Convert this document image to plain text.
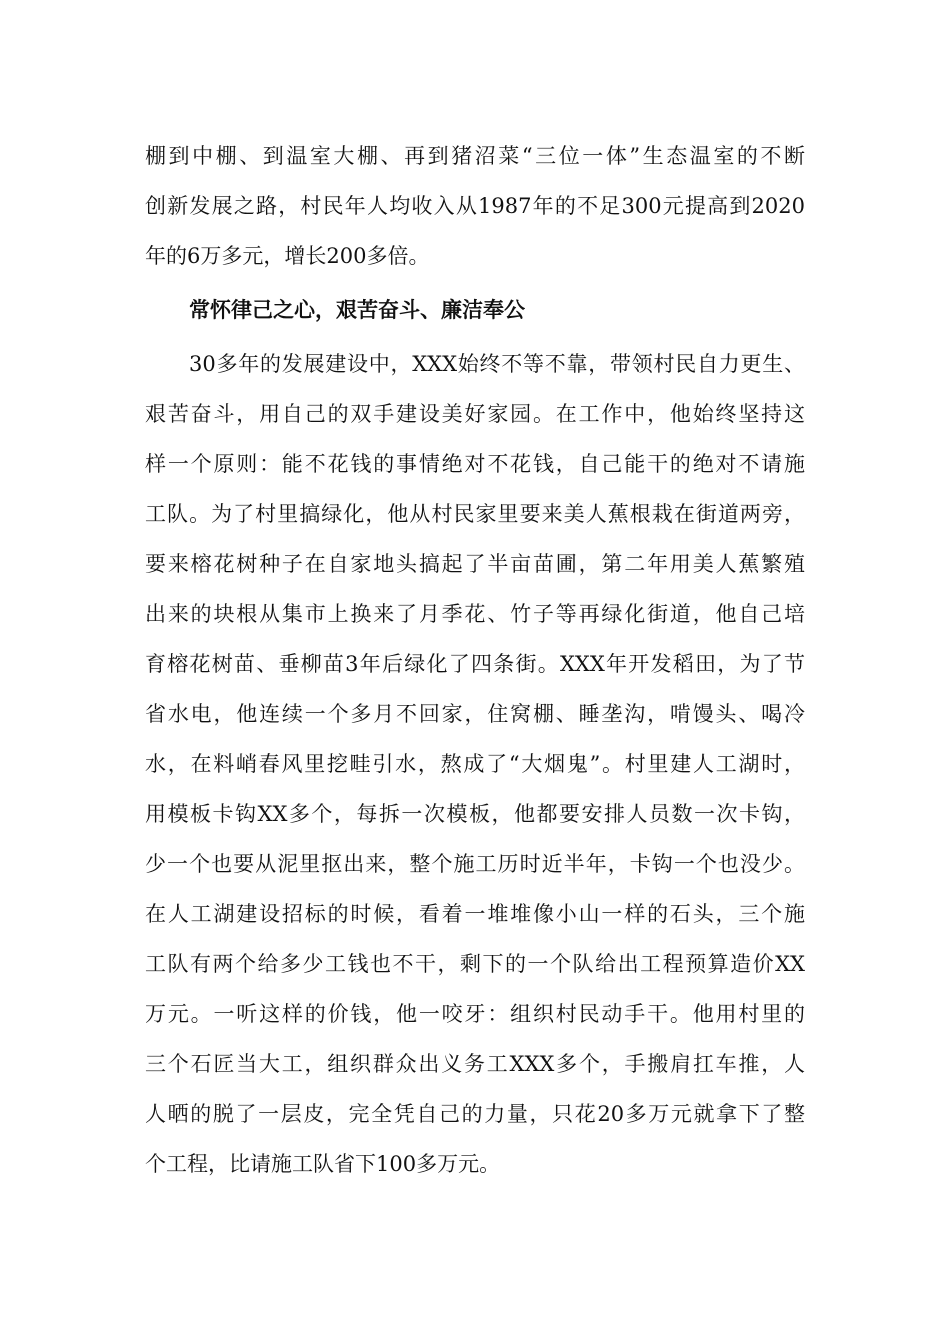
棚到中棚、到温室大棚、再到猪沼菜“三位一体”生态温室的不断
创新发展之路，村民年人均收入从1987年的不足300元提高到2020
年的6万多元，增长200多倍。
常怀律己之心，艰苦奋斗、廉洁奉公
30多年的发展建设中，XXX始终不等不靠，带领村民自力更生、
艰苦奋斗，用自己的双手建设美好家园。在工作中，他始终坚持这
样一个原则：能不花钱的事情绝对不花钱，自己能干的绝对不请施
工队。为了村里搞绿化，他从村民家里要来美人蕉根栽在街道两旁，
要来榕花树种子在自家地头搞起了半亩苗圃，第二年用美人蕉繁殖
出来的块根从集市上换来了月季花、竹子等再绿化街道，他自己培
育榕花树苗、垂柳苗3年后绿化了四条街。XXX年开发稻田，为了节
省水电，他连续一个多月不回家，住窝棚、睡垄沟，啃馒头、喝冷
水，在料峭春风里挖畦引水，熬成了“大烟鬼”。村里建人工湖时，
用模板卡钩XX多个，每拆一次模板，他都要安排人员数一次卡钩，
少一个也要从泥里抠出来，整个施工历时近半年，卡钩一个也没少。
在人工湖建设招标的时候，看着一堆堆像小山一样的石头，三个施
工队有两个给多少工钱也不干，剩下的一个队给出工程预算造价XX
万元。一听这样的价钱，他一咬牙：组织村民动手干。他用村里的
三个石匠当大工，组织群众出义务工XXX多个，手搬肩扛车推，人
人晒的脱了一层皮，完全凭自己的力量，只花20多万元就拿下了整
个工程，比请施工队省下100多万元。
